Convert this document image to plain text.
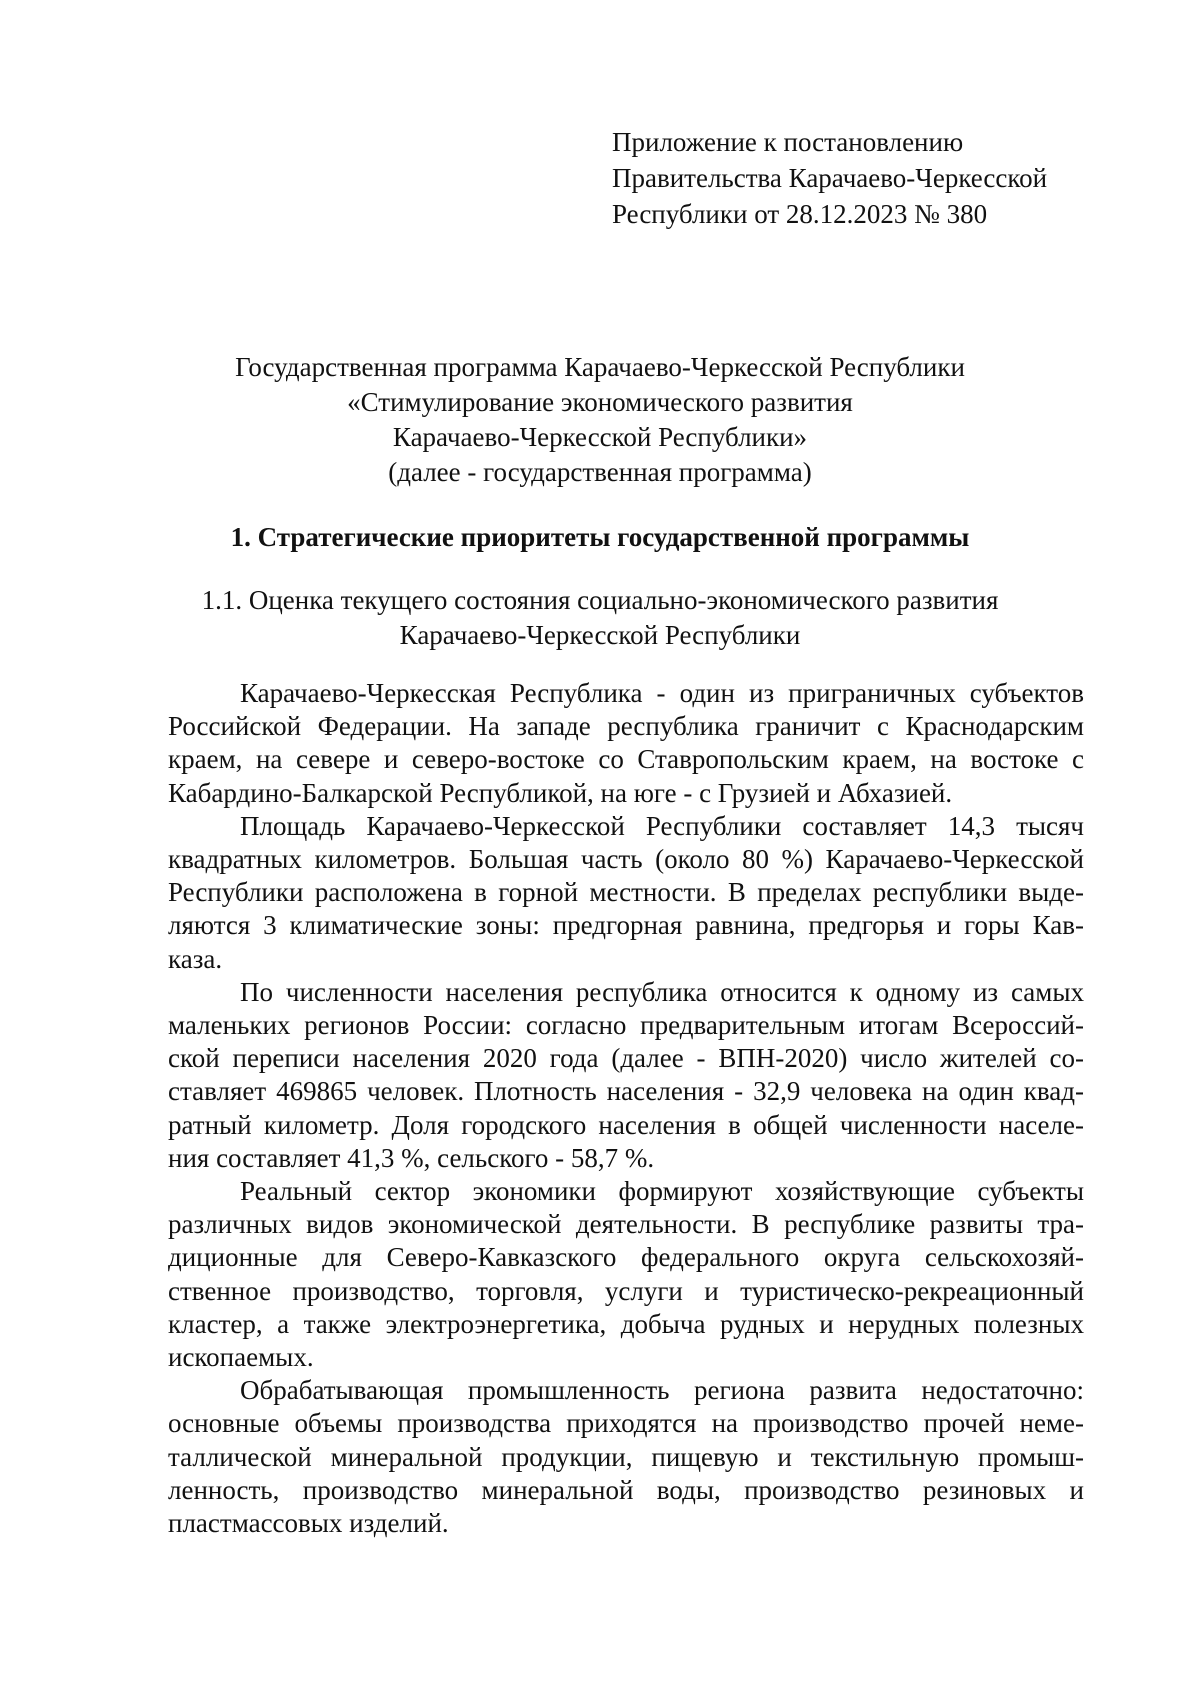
Приложение к постановлению
Правительства Карачаево-Черкесской
Республики от 28.12.2023 № 380
Государственная программа Карачаево-Черкесской Республики
«Стимулирование экономического развития
Карачаево-Черкесской Республики»
(далее - государственная программа)
1. Стратегические приоритеты государственной программы
1.1. Оценка текущего состояния социально-экономического развития
Карачаево-Черкесской Республики
Карачаево-Черкесская Республика - один из приграничных субъектов
Российской Федерации. На западе республика граничит с Краснодарским
краем, на севере и северо-востоке со Ставропольским краем, на востоке с
Кабардино-Балкарской Республикой, на юге - с Грузией и Абхазией.
Площадь Карачаево-Черкесской Республики составляет 14,3 тысяч
квадратных километров. Большая часть (около 80 %) Карачаево-Черкесской
Республики расположена в горной местности. В пределах республики выде-
ляются 3 климатические зоны: предгорная равнина, предгорья и горы Кав-
каза.
По численности населения республика относится к одному из самых
маленьких регионов России: согласно предварительным итогам Всероссий-
ской переписи населения 2020 года (далее - ВПН-2020) число жителей со-
ставляет 469865 человек. Плотность населения - 32,9 человека на один квад-
ратный километр. Доля городского населения в общей численности населе-
ния составляет 41,3 %, сельского - 58,7 %.
Реальный сектор экономики формируют хозяйствующие субъекты
различных видов экономической деятельности. В республике развиты тра-
диционные для Северо-Кавказского федерального округа сельскохозяй-
ственное производство, торговля, услуги и туристическо-рекреационный
кластер, а также электроэнергетика, добыча рудных и нерудных полезных
ископаемых.
Обрабатывающая промышленность региона развита недостаточно:
основные объемы производства приходятся на производство прочей неме-
таллической минеральной продукции, пищевую и текстильную промыш-
ленность, производство минеральной воды, производство резиновых и
пластмассовых изделий.
